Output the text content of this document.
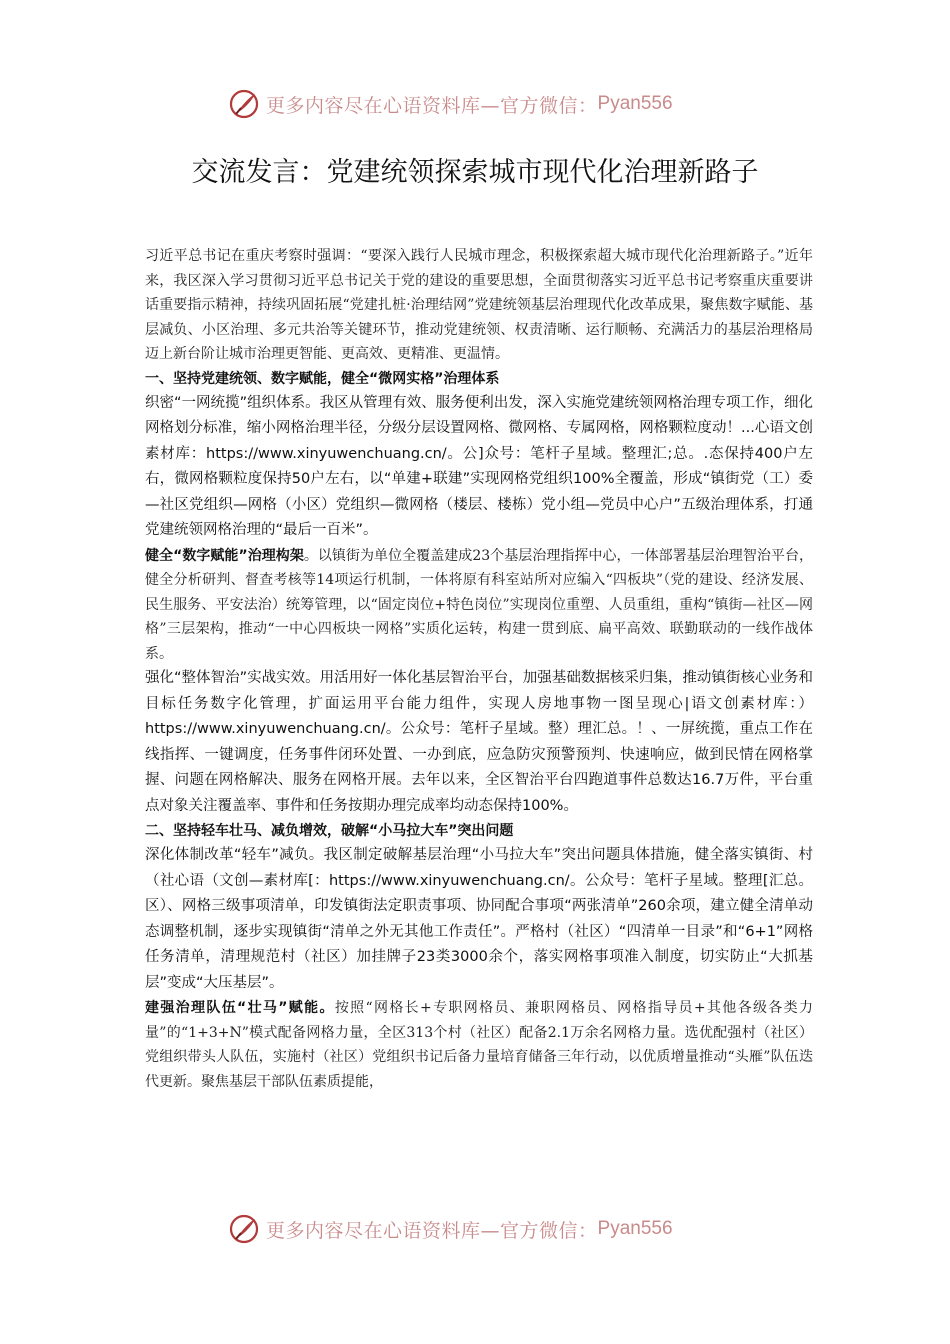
更多内容尽在心语资料库—官方微信： Pyan556
交流发言：党建统领探索城市现代化治理新路子

习近平总书记在重庆考察时强调：“要深入践行人民城市理念，积极探索超大城市现代化治理新路子。”近年来，我区深入学习贯彻习近平总书记关于党的建设的重要思想，全面贯彻落实习近平总书记考察重庆重要讲话重要指示精神，持续巩固拓展“党建扎桩·治理结网”党建统领基层治理现代化改革成果，聚焦数字赋能、基层减负、小区治理、多元共治等关键环节，推动党建统领、权责清晰、运行顺畅、充满活力的基层治理格局迈上新台阶让城市治理更智能、更高效、更精准、更温情。

一、坚持党建统领、数字赋能，健全“微网实格”治理体系

织密“一网统揽”组织体系。我区从管理有效、服务便利出发，深入实施党建统领网格治理专项工作，细化网格划分标准，缩小网格治理半径，分级分层设置网格、微网格、专属网格，网格颗粒度动！...心语文创素材库：https://www.xinyuwenchuang.cn/。公]众号：笔杆子星域。整理汇;总。.态保持400户左右，微网格颗粒度保持50户左右，以“单建+联建”实现网格党组织100%全覆盖，形成“镇街党（工）委—社区党组织—网格（小区）党组织—微网格（楼层、楼栋）党小组—党员中心户”五级治理体系，打通党建统领网格治理的“最后一百米”。

健全“数字赋能”治理构架。以镇街为单位全覆盖建成23个基层治理指挥中心，一体部署基层治理智治平台，健全分析研判、督查考核等14项运行机制，一体将原有科室站所对应编入“四板块”（党的建设、经济发展、民生服务、平安法治）统筹管理，以“固定岗位+特色岗位”实现岗位重塑、人员重组，重构“镇街—社区—网格”三层架构，推动“一中心四板块一网格”实质化运转，构建一贯到底、扁平高效、联勤联动的一线作战体系。

强化“整体智治”实战实效。用活用好一体化基层智治平台，加强基础数据核采归集，推动镇街核心业务和目标任务数字化管理，扩面运用平台能力组件，实现人房地事物一图呈现心|语文创素材库：）https://www.xinyuwenchuang.cn/。公众号：笔杆子星域。整）理汇总。！、一屏统揽，重点工作在线指挥、一键调度，任务事件闭环处置、一办到底，应急防灾预警预判、快速响应，做到民情在网格掌握、问题在网格解决、服务在网格开展。去年以来，全区智治平台四跑道事件总数达16.7万件，平台重点对象关注覆盖率、事件和任务按期办理完成率均动态保持100%。

二、坚持轻车壮马、减负增效，破解“小马拉大车”突出问题

深化体制改革“轻车”减负。我区制定破解基层治理“小马拉大车”突出问题具体措施，健全落实镇街、村（社心语（文创—素材库[：https://www.xinyuwenchuang.cn/。公众号：笔杆子星域。整理[汇总。区）、网格三级事项清单，印发镇街法定职责事项、协同配合事项“两张清单”260余项，建立健全清单动态调整机制，逐步实现镇街“清单之外无其他工作责任”。严格村（社区）“四清单一目录”和“6+1”网格任务清单，清理规范村（社区）加挂牌子23类3000余个，落实网格事项准入制度，切实防止“大抓基层”变成“大压基层”。

建强治理队伍“壮马”赋能。按照“网格长+专职网格员、兼职网格员、网格指导员+其他各级各类力量”的“1+3+N”模式配备网格力量，全区313个村（社区）配备2.1万余名网格力量。选优配强村（社区）党组织带头人队伍，实施村（社区）党组织书记后备力量培育储备三年行动，以优质增量推动“头雁”队伍迭代更新。聚焦基层干部队伍素质提能，

更多内容尽在心语资料库—官方微信： Pyan556
